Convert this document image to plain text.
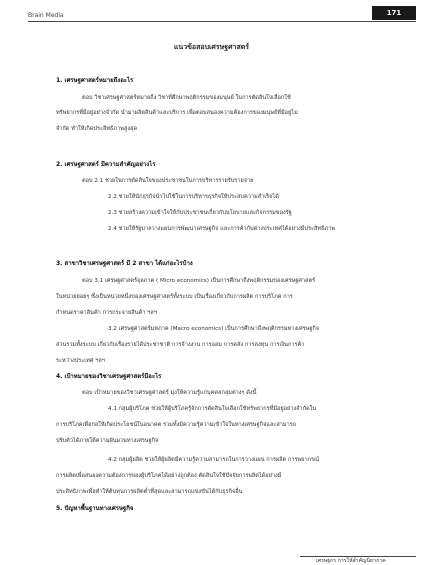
Brain Media	171
แนวข้อสอบเศรษฐศาสตร์
1. เศรษฐศาสตร์หมายถึงอะไร
ตอบ วิชาเศรษฐศาสตร์หมายถึง วิชาที่ศึกษาพฤติกรรมของมนุษย์ ในการตัดสินใจเลือกใช้
ทรัพยากรที่มีอยู่อย่างจำกัด นำมาผลิตสินค้าและบริการ เพื่อตอบสนองความต้องการของมนุษย์ที่มีอยู่ไม่
จำกัด ทำให้เกิดประสิทธิภาพสูงสุด
2. เศรษฐศาสตร์ มีความสำคัญอย่างไร
ตอบ 2.1 ช่วยในการตัดสินใจของประชาชนในการบริหารรายรับรายจ่าย
2.2 ช่วยให้นักธุรกิจนำไปใช้ในการบริหารธุรกิจให้ประสบความสำเร็จได้
2.3 ช่วยสร้างความเข้าใจให้กับประชาชนเกี่ยวกับนโยบายและกิจกรรมของรัฐ
2.4 ช่วยให้รัฐบาลวางแผนการพัฒนาเศรษฐกิจ และการค้ากับต่างประเทศได้อย่างมีประสิทธิภาพ
3. สาขาวิชาเศรษฐศาสตร์ มี 2 สาขา ได้แก่อะไรบ้าง
ตอบ 3.1 เศรษฐศาสตร์จุลภาค ( Micro economics) เป็นการศึกษาถึงพฤติกรรมของเศรษฐศาสตร์
ในหน่วยย่อยๆ ซึ่งเป็นหน่วยหนึ่งของเศรษฐศาสตร์ทั้งระบบ เป็นเรื่องเกี่ยวกับการผลิต การบริโภค การ
กำหนดราคาสินค้า การกระจายสินค้า ฯลฯ
3.2 เศรษฐศาสตร์มหภาค (Macro economics) เป็นการศึกษาถึงพฤติกรรมทางเศรษฐกิจ
ส่วนรวมทั้งระบบ เกี่ยวกับเรื่องรายได้ประชาชาติ การจ้างงาน การออม การคลัง การลงทุน การเงินการค้า
ระหว่างประเทศ ฯลฯ
4. เป้าหมายของวิชาเศรษฐศาสตร์มีอะไร
ตอบ เป้าหมายของวิชาเศรษฐศาสตร์ มุ่งให้ความรู้แก่บุคคลกลุ่มต่างๆ ดังนี้
4.1 กลุ่มผู้บริโภค ช่วยให้ผู้บริโภครู้จักการตัดสินใจเลือกใช้ทรัพยากรที่มีอยู่อย่างจำกัดใน
การบริโภคเพื่อก่อให้เกิดประโยชน์ในอนาคต รวมทั้งมีความรู้ความเข้าใจในทางเศรษฐกิจและสามารถ
ปรับตัวได้ภายใต้ความผันผวนทางเศรษฐกิจ
4.2 กลุ่มผู้ผลิต ช่วยให้ผู้ผลิตมีความรู้ความสามารถในการวางแผน การผลิต การพยากรณ์
การผลิตเพื่อสนองความต้องการของผู้บริโภคได้อย่างถูกต้อง ตัดสินใจใช้ปัจจัยการผลิตได้อย่างมี
ประสิทธิภาพเพื่อทำให้ต้นทุนการผลิตต่ำที่สุดและสามารถแข่งขันได้กับธุรกิจอื่น
5. ปัญหาพื้นฐานทางเศรษฐกิจ
เศรษฐกร การให้สำคัญนิยาภาค
